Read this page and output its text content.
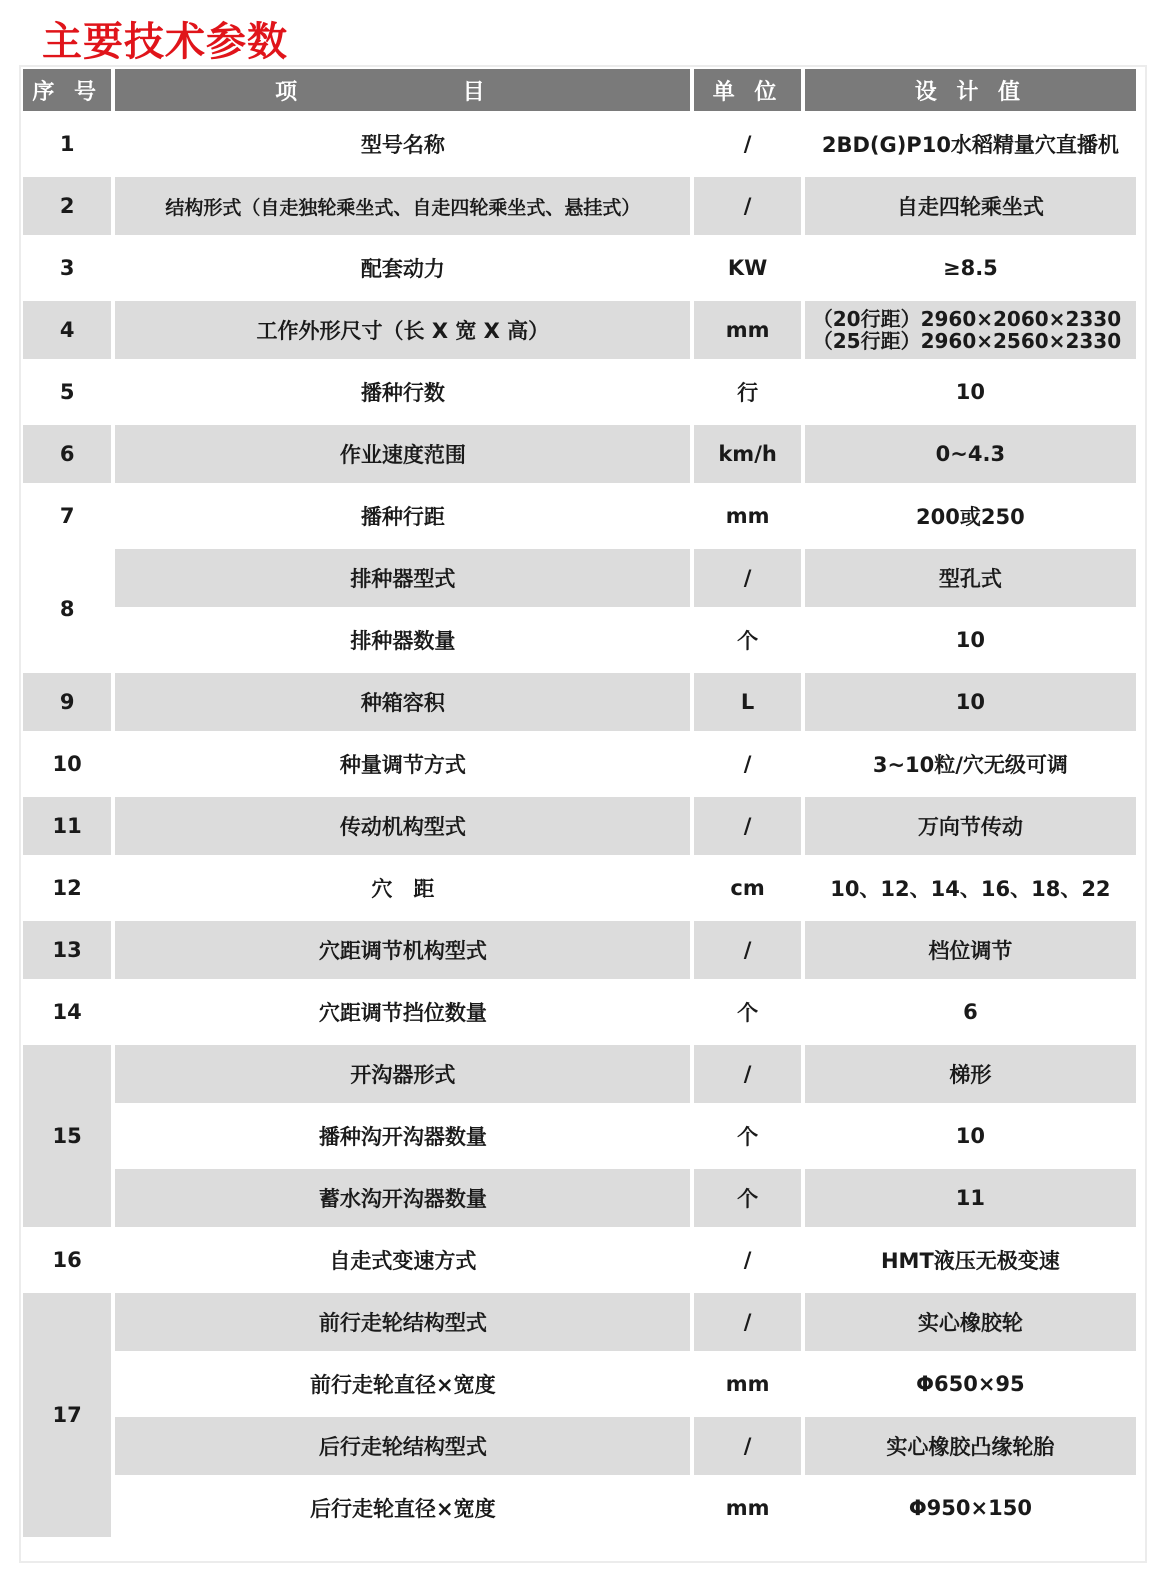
主要技术参数
序 号	项 目	单 位	设 计 值
1	型号名称	/	2BD(G)P10水稻精量穴直播机
2	结构形式（自走独轮乘坐式、自走四轮乘坐式、悬挂式）	/	自走四轮乘坐式
3	配套动力	KW	≥8.5
4	工作外形尺寸（长 X 宽 X 高）	mm	（20行距）2960×2060×2330
（25行距）2960×2560×2330

5	播种行数	行	10
6	作业速度范围	km/h	0~4.3
7	播种行距	mm	200或250
8	排种器型式	/	型孔式
	排种器数量	个	10
9	种箱容积	L	10
10	种量调节方式	/	3~10粒/穴无级可调
11	传动机构型式	/	万向节传动
12	穴　距	cm	10、12、14、16、18、22
13	穴距调节机构型式	/	档位调节
14	穴距调节挡位数量	个	6
15	开沟器形式	/	梯形
	播种沟开沟器数量	个	10
	蓄水沟开沟器数量	个	11
16	自走式变速方式	/	HMT液压无极变速
17	前行走轮结构型式	/	实心橡胶轮
	前行走轮直径×宽度	mm	Φ650×95
	后行走轮结构型式	/	实心橡胶凸缘轮胎
	后行走轮直径×宽度	mm	Φ950×150
